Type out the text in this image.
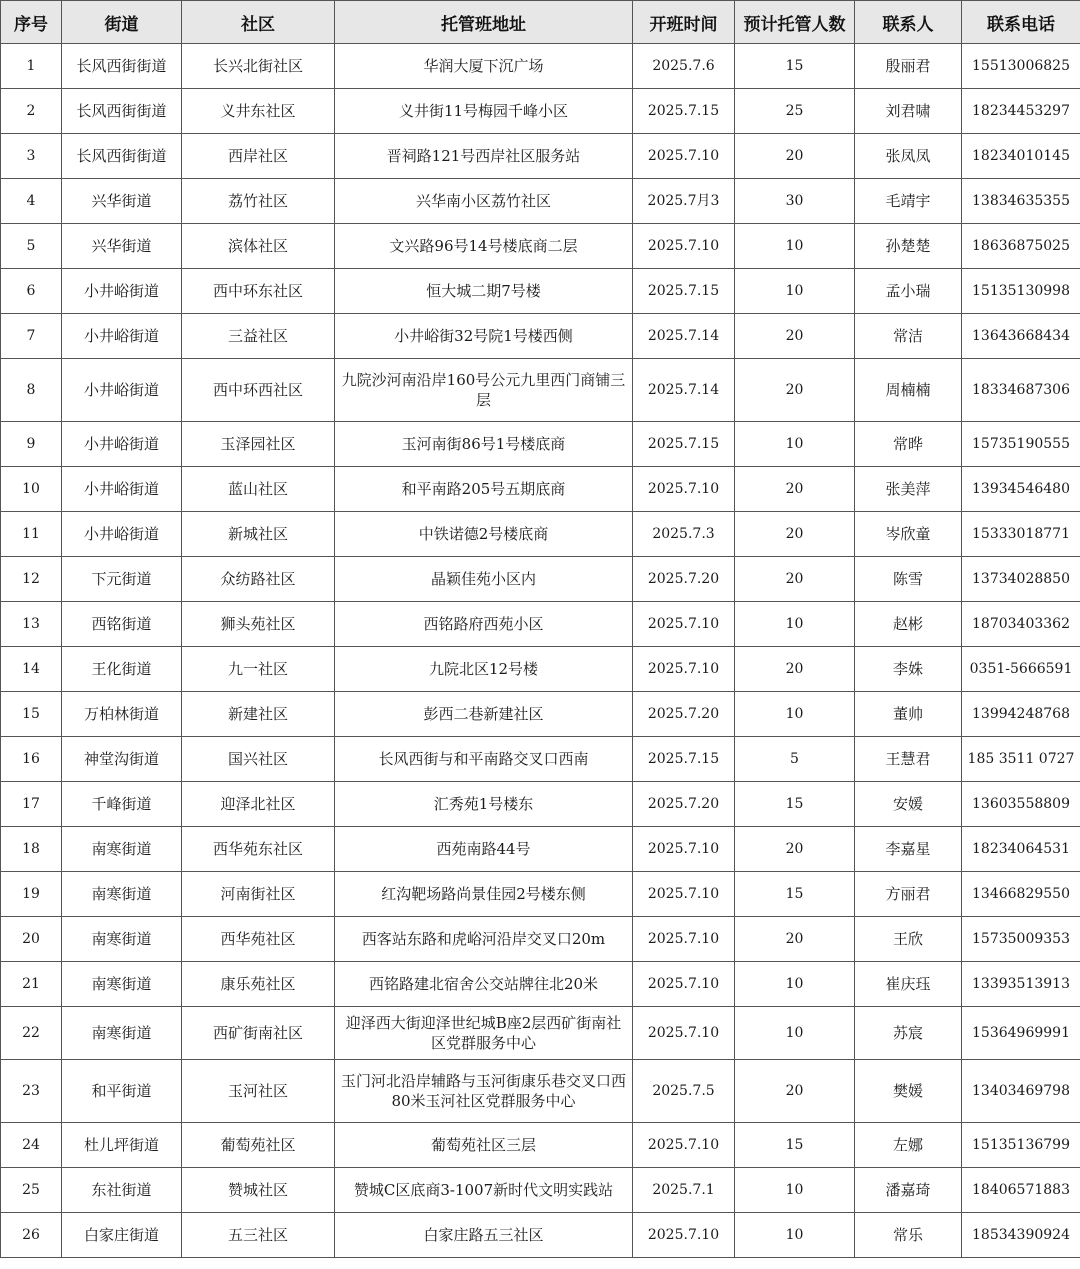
序号	街道	社区	托管班地址	开班时间	预计托管人数	联系人	联系电话
1	长风西街街道	长兴北街社区	华润大厦下沉广场	2025.7.6	15	殷丽君	15513006825
2	长风西街街道	义井东社区	义井街11号梅园千峰小区	2025.7.15	25	刘君啸	18234453297
3	长风西街街道	西岸社区	晋祠路121号西岸社区服务站	2025.7.10	20	张凤凤	18234010145
4	兴华街道	荔竹社区	兴华南小区荔竹社区	2025.7月3	30	毛靖宇	13834635355
5	兴华街道	滨体社区	文兴路96号14号楼底商二层	2025.7.10	10	孙楚楚	18636875025
6	小井峪街道	西中环东社区	恒大城二期7号楼	2025.7.15	10	孟小瑞	15135130998
7	小井峪街道	三益社区	小井峪街32号院1号楼西侧	2025.7.14	20	常洁	13643668434
8	小井峪街道	西中环西社区	九院沙河南沿岸160号公元九里西门商铺三层	2025.7.14	20	周楠楠	18334687306
9	小井峪街道	玉泽园社区	玉河南街86号1号楼底商	2025.7.15	10	常晔	15735190555
10	小井峪街道	蓝山社区	和平南路205号五期底商	2025.7.10	20	张美萍	13934546480
11	小井峪街道	新城社区	中铁诺德2号楼底商	2025.7.3	20	岑欣童	15333018771
12	下元街道	众纺路社区	晶颖佳苑小区内	2025.7.20	20	陈雪	13734028850
13	西铭街道	狮头苑社区	西铭路府西苑小区	2025.7.10	10	赵彬	18703403362
14	王化街道	九一社区	九院北区12号楼	2025.7.10	20	李姝	0351-5666591
15	万柏林街道	新建社区	彭西二巷新建社区	2025.7.20	10	董帅	13994248768
16	神堂沟街道	国兴社区	长风西街与和平南路交叉口西南	2025.7.15	5	王慧君	185 3511 0727
17	千峰街道	迎泽北社区	汇秀苑1号楼东	2025.7.20	15	安媛	13603558809
18	南寒街道	西华苑东社区	西苑南路44号	2025.7.10	20	李嘉星	18234064531
19	南寒街道	河南街社区	红沟靶场路尚景佳园2号楼东侧	2025.7.10	15	方丽君	13466829550
20	南寒街道	西华苑社区	西客站东路和虎峪河沿岸交叉口20m	2025.7.10	20	王欣	15735009353
21	南寒街道	康乐苑社区	西铭路建北宿舍公交站牌往北20米	2025.7.10	10	崔庆珏	13393513913
22	南寒街道	西矿街南社区	迎泽西大街迎泽世纪城B座2层西矿街南社区党群服务中心	2025.7.10	10	苏宸	15364969991
23	和平街道	玉河社区	玉门河北沿岸辅路与玉河街康乐巷交叉口西80米玉河社区党群服务中心	2025.7.5	20	樊媛	13403469798
24	杜儿坪街道	葡萄苑社区	葡萄苑社区三层	2025.7.10	15	左娜	15135136799
25	东社街道	赞城社区	赞城C区底商3-1007新时代文明实践站	2025.7.1	10	潘嘉琦	18406571883
26	白家庄街道	五三社区	白家庄路五三社区	2025.7.10	10	常乐	18534390924
